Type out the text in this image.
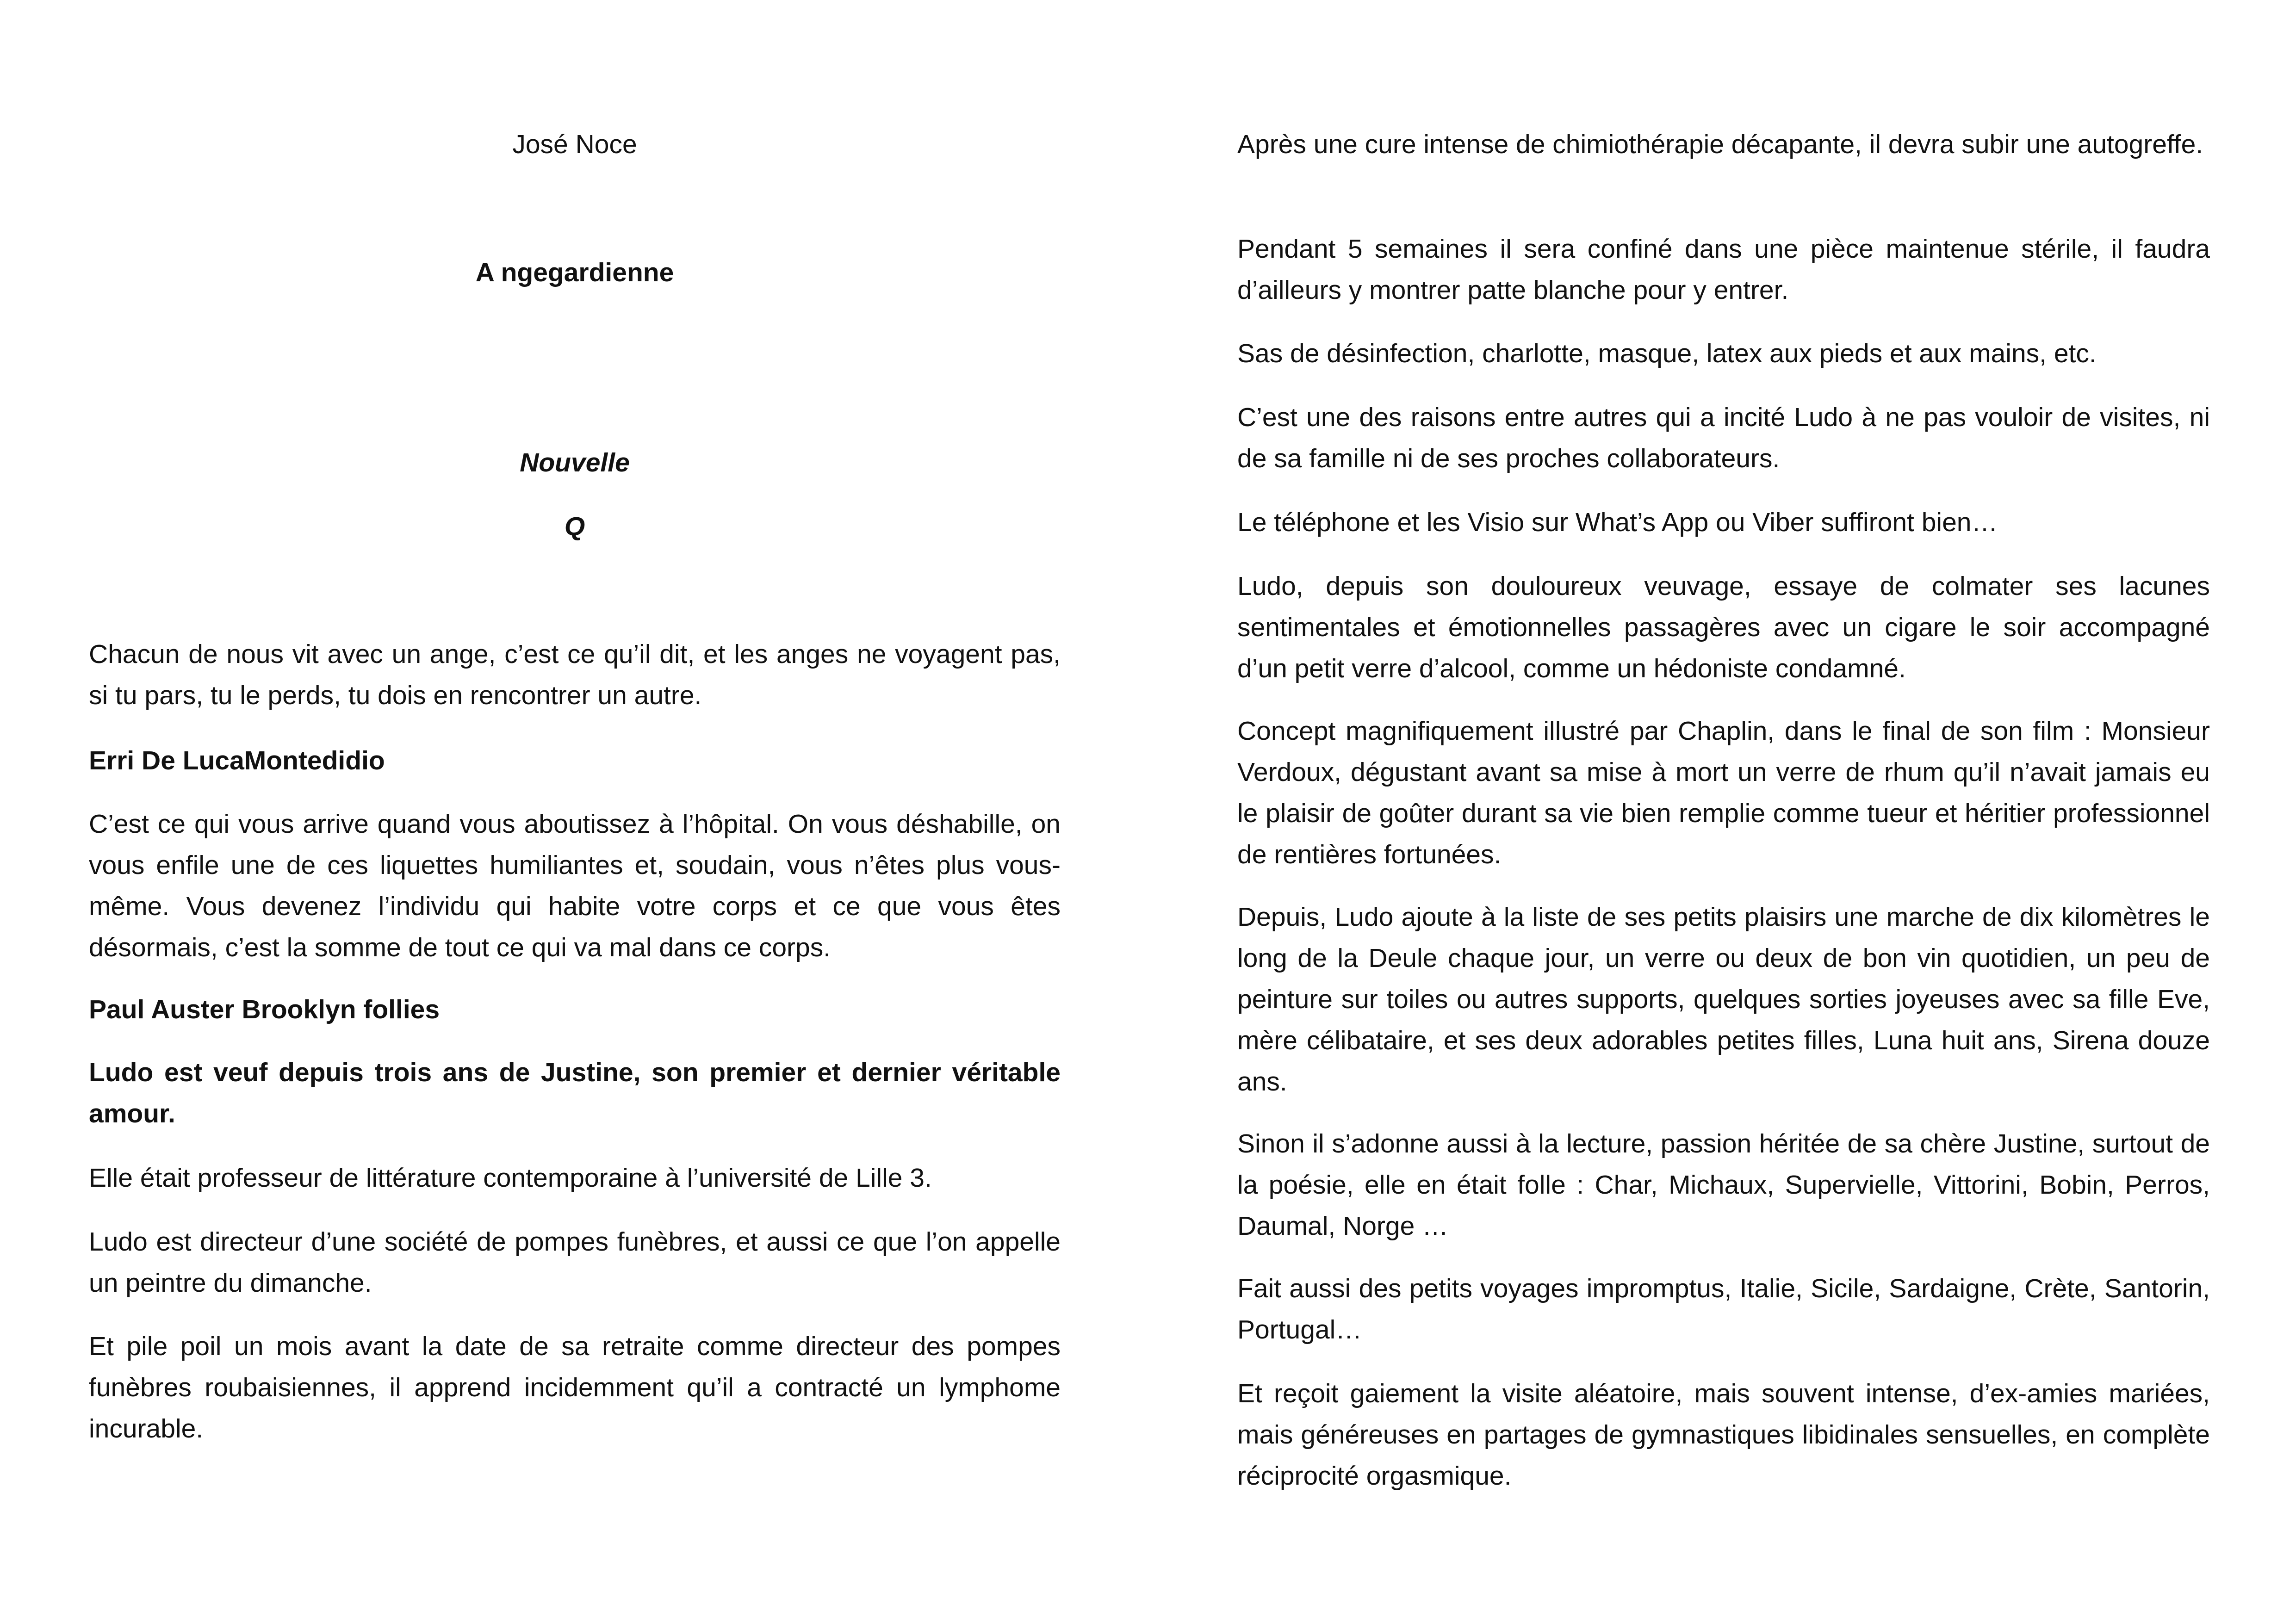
José Noce

A ngegardienne

Nouvelle

Q

Chacun de nous vit avec un ange, c’est ce qu’il dit, et les anges ne voyagent pas, si tu pars, tu le perds, tu dois en rencontrer un autre.

Erri De LucaMontedidio

C’est ce qui vous arrive quand vous aboutissez à l’hôpital. On vous déshabille, on vous enfile une de ces liquettes humiliantes et, soudain, vous n’êtes plus vous-même. Vous devenez l’individu qui habite votre corps et ce que vous êtes désormais, c’est la somme de tout ce qui va mal dans ce corps.

Paul Auster Brooklyn follies

Ludo est veuf depuis trois ans de Justine, son premier et dernier véritable amour.

Elle était professeur de littérature contemporaine à l’université de Lille 3.

Ludo est directeur d’une société de pompes funèbres, et aussi ce que l’on appelle un peintre du dimanche.

Et pile poil un mois avant la date de sa retraite comme directeur des pompes funèbres roubaisiennes, il apprend incidemment qu’il a contracté un lymphome incurable.

Après une cure intense de chimiothérapie décapante, il devra subir une autogreffe.

Pendant 5 semaines il sera confiné dans une pièce maintenue stérile, il faudra d’ailleurs y montrer patte blanche pour y entrer.

Sas de désinfection, charlotte, masque, latex aux pieds et aux mains, etc.

C’est une des raisons entre autres qui a incité Ludo à ne pas vouloir de visites, ni de sa famille ni de ses proches collaborateurs.

Le téléphone et les Visio sur What’s App ou Viber suffiront bien…

Ludo, depuis son douloureux veuvage, essaye de colmater ses lacunes sentimentales et émotionnelles passagères avec un cigare le soir accompagné d’un petit verre d’alcool, comme un hédoniste condamné.

Concept magnifiquement illustré par Chaplin, dans le final de son film : Monsieur Verdoux, dégustant avant sa mise à mort un verre de rhum qu’il n’avait jamais eu le plaisir de goûter durant sa vie bien remplie comme tueur et héritier professionnel de rentières fortunées.

Depuis, Ludo ajoute à la liste de ses petits plaisirs une marche de dix kilomètres le long de la Deule chaque jour, un verre ou deux de bon vin quotidien, un peu de peinture sur toiles ou autres supports, quelques sorties joyeuses avec sa fille Eve, mère célibataire, et ses deux adorables petites filles, Luna huit ans, Sirena douze ans.

Sinon il s’adonne aussi à la lecture, passion héritée de sa chère Justine, surtout de la poésie, elle en était folle : Char, Michaux, Supervielle, Vittorini, Bobin, Perros, Daumal, Norge …

Fait aussi des petits voyages impromptus, Italie, Sicile, Sardaigne, Crète, Santorin, Portugal…

Et reçoit gaiement la visite aléatoire, mais souvent intense, d’ex-amies mariées, mais généreuses en partages de gymnastiques libidinales sensuelles, en complète réciprocité orgasmique.
